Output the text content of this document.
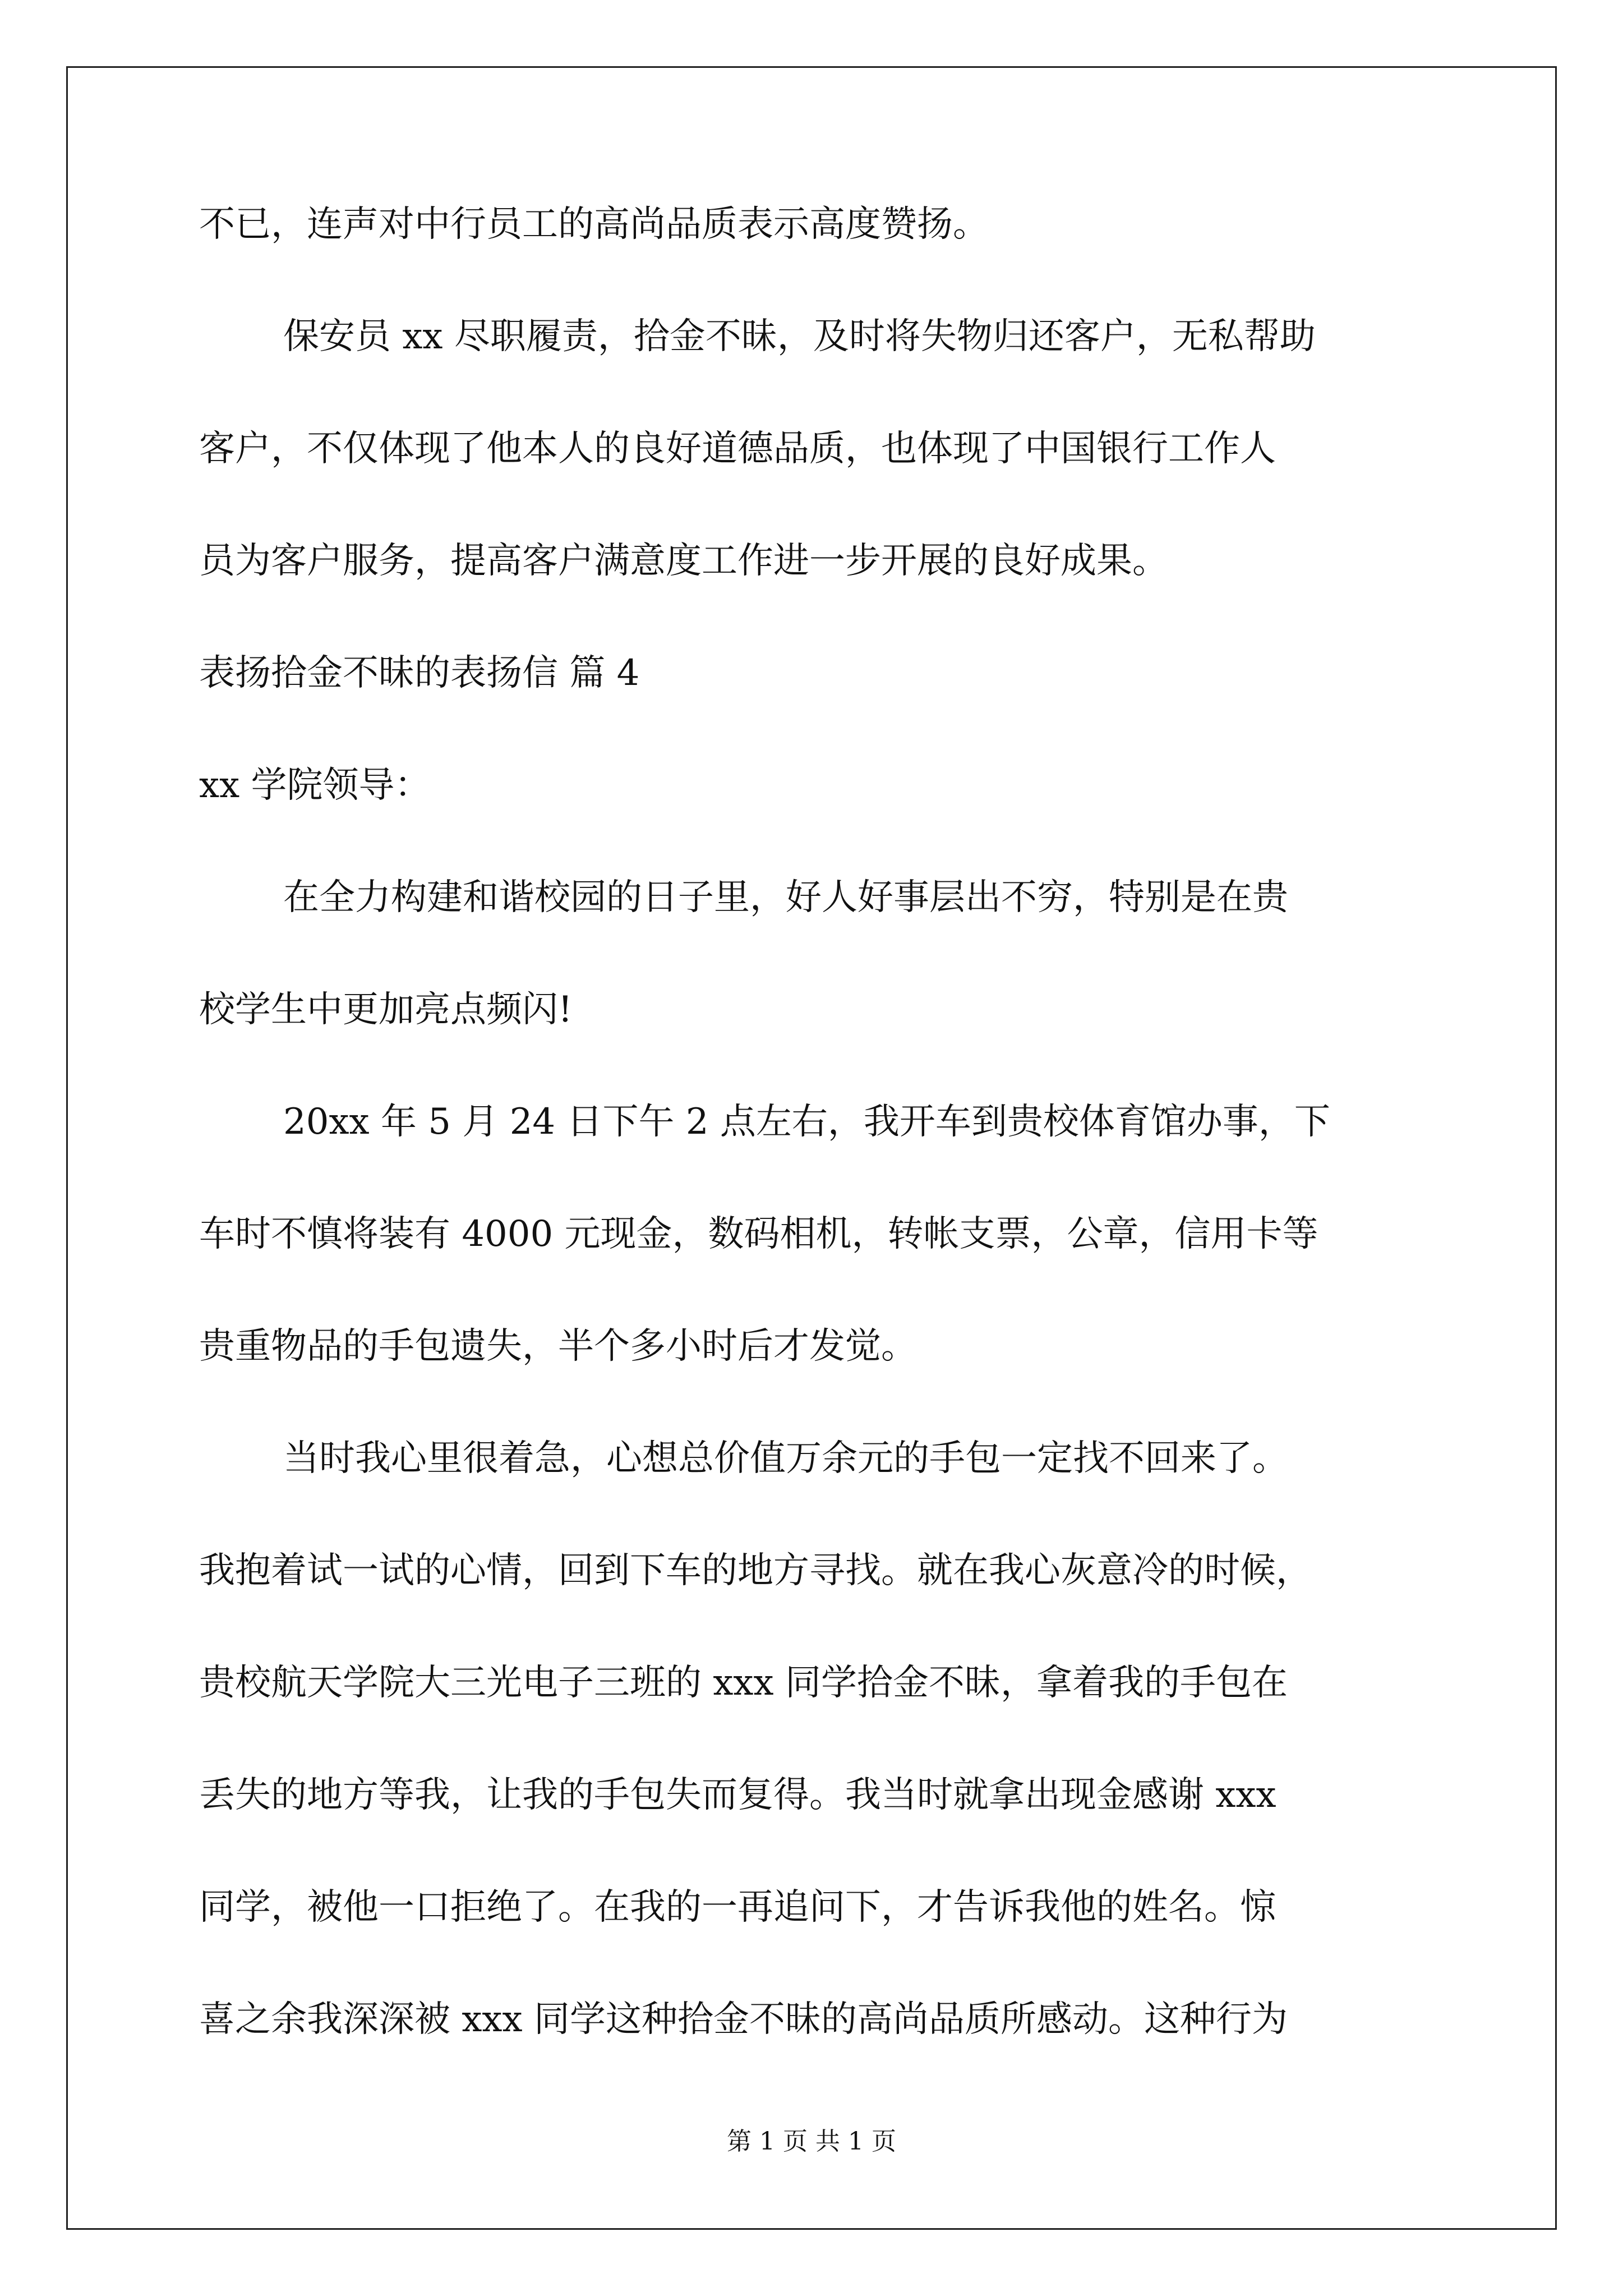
不已，连声对中行员工的高尚品质表示高度赞扬。
保安员 xx 尽职履责，拾金不昧，及时将失物归还客户，无私帮助
客户，不仅体现了他本人的良好道德品质，也体现了中国银行工作人
员为客户服务，提高客户满意度工作进一步开展的良好成果。
表扬拾金不昧的表扬信 篇 4
xx 学院领导：
在全力构建和谐校园的日子里，好人好事层出不穷，特别是在贵
校学生中更加亮点频闪!
20xx 年 5 月 24 日下午 2 点左右，我开车到贵校体育馆办事，下
车时不慎将装有 4000 元现金，数码相机，转帐支票，公章，信用卡等
贵重物品的手包遗失，半个多小时后才发觉。
当时我心里很着急，心想总价值万余元的手包一定找不回来了。
我抱着试一试的心情，回到下车的地方寻找。就在我心灰意冷的时候，
贵校航天学院大三光电子三班的 xxx 同学拾金不昧，拿着我的手包在
丢失的地方等我，让我的手包失而复得。我当时就拿出现金感谢 xxx
同学，被他一口拒绝了。在我的一再追问下，才告诉我他的姓名。惊
喜之余我深深被 xxx 同学这种拾金不昧的高尚品质所感动。这种行为
第 1 页 共 1 页
